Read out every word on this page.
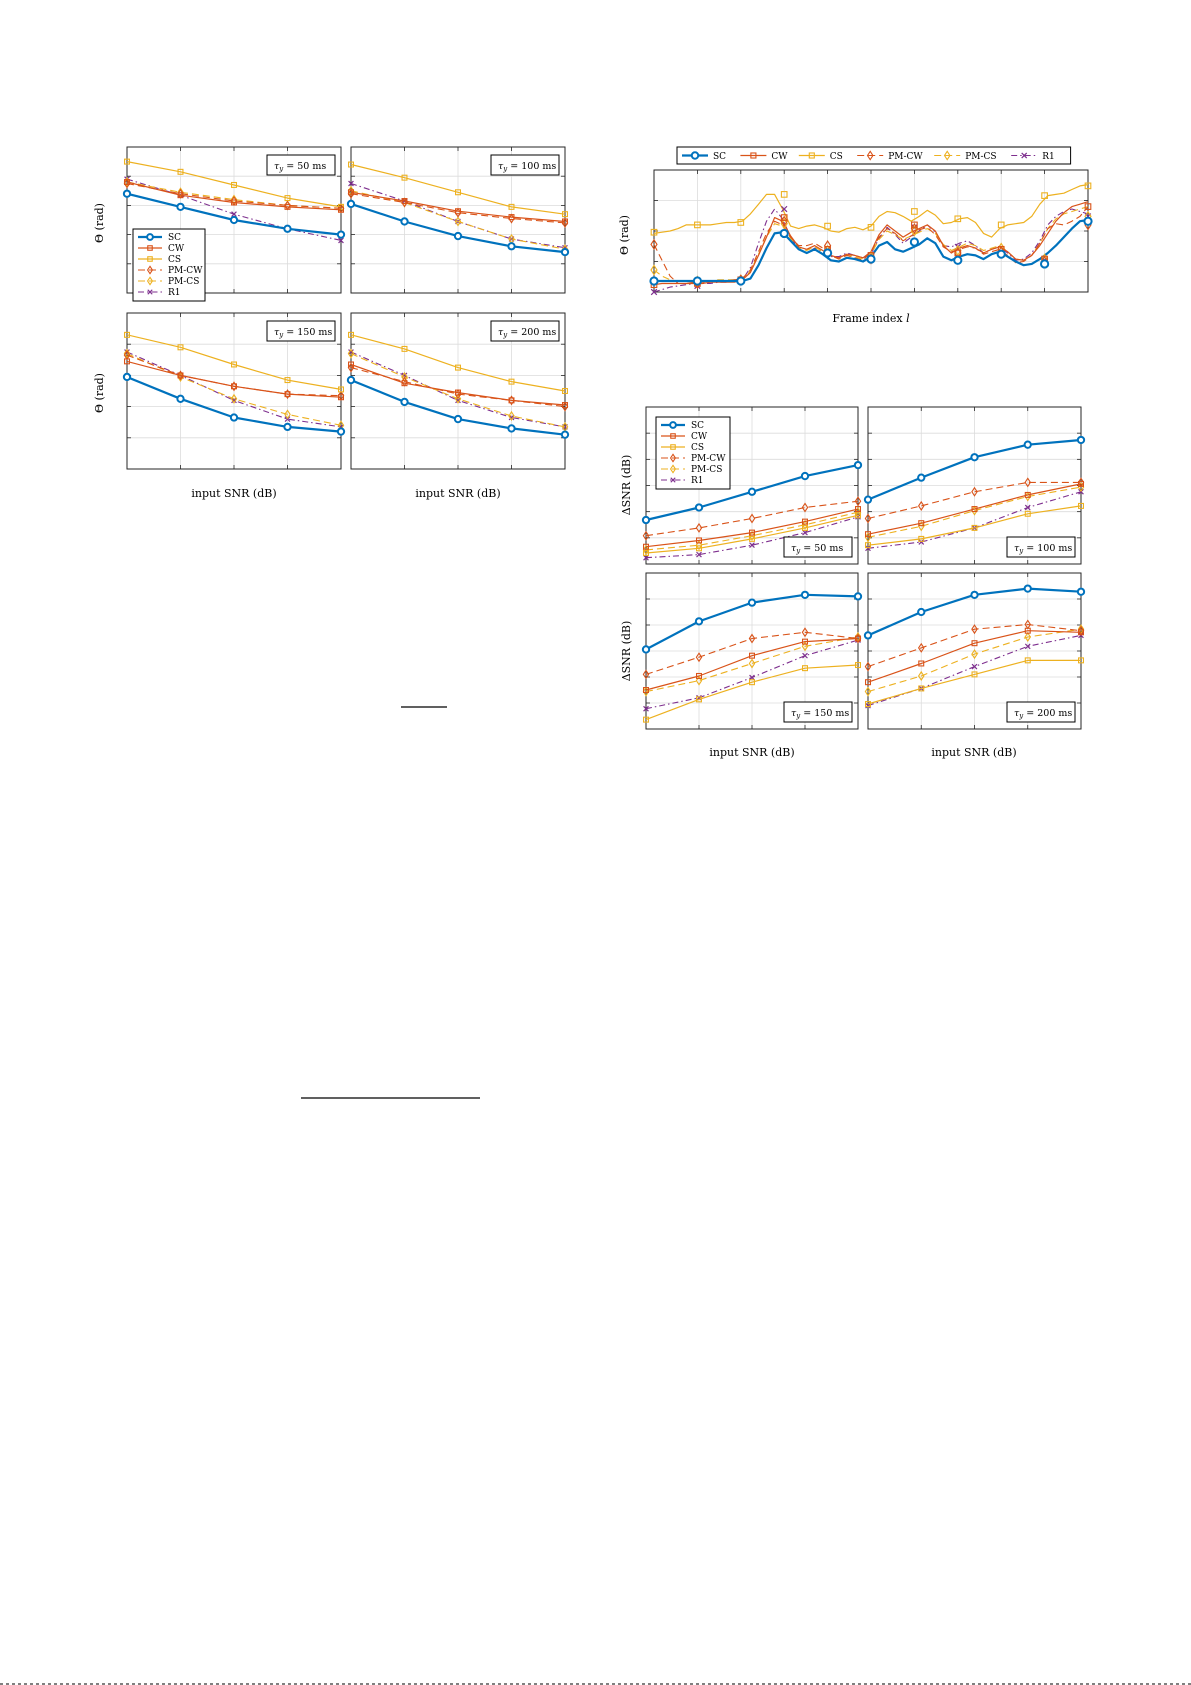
$\tau_y = 50$ ms	$\tau_y = 100$ ms
$\tau_y = 150$ ms	$\tau_y = 200$ ms
SC
CW
CS
PM-CW
PM-CS
R1
Θ (rad)
Θ (rad)
input SNR (dB)	input SNR (dB)
SC	CW	CS	PM-CW	PM-CS	R1
Θ (rad)
Frame index l
$\tau_y = 50$ ms	$\tau_y = 100$ ms
$\tau_y = 150$ ms	$\tau_y = 200$ ms
SC
CW
CS
PM-CW
PM-CS
R1
ΔSNR (dB)
ΔSNR (dB)
input SNR (dB)	input SNR (dB)
